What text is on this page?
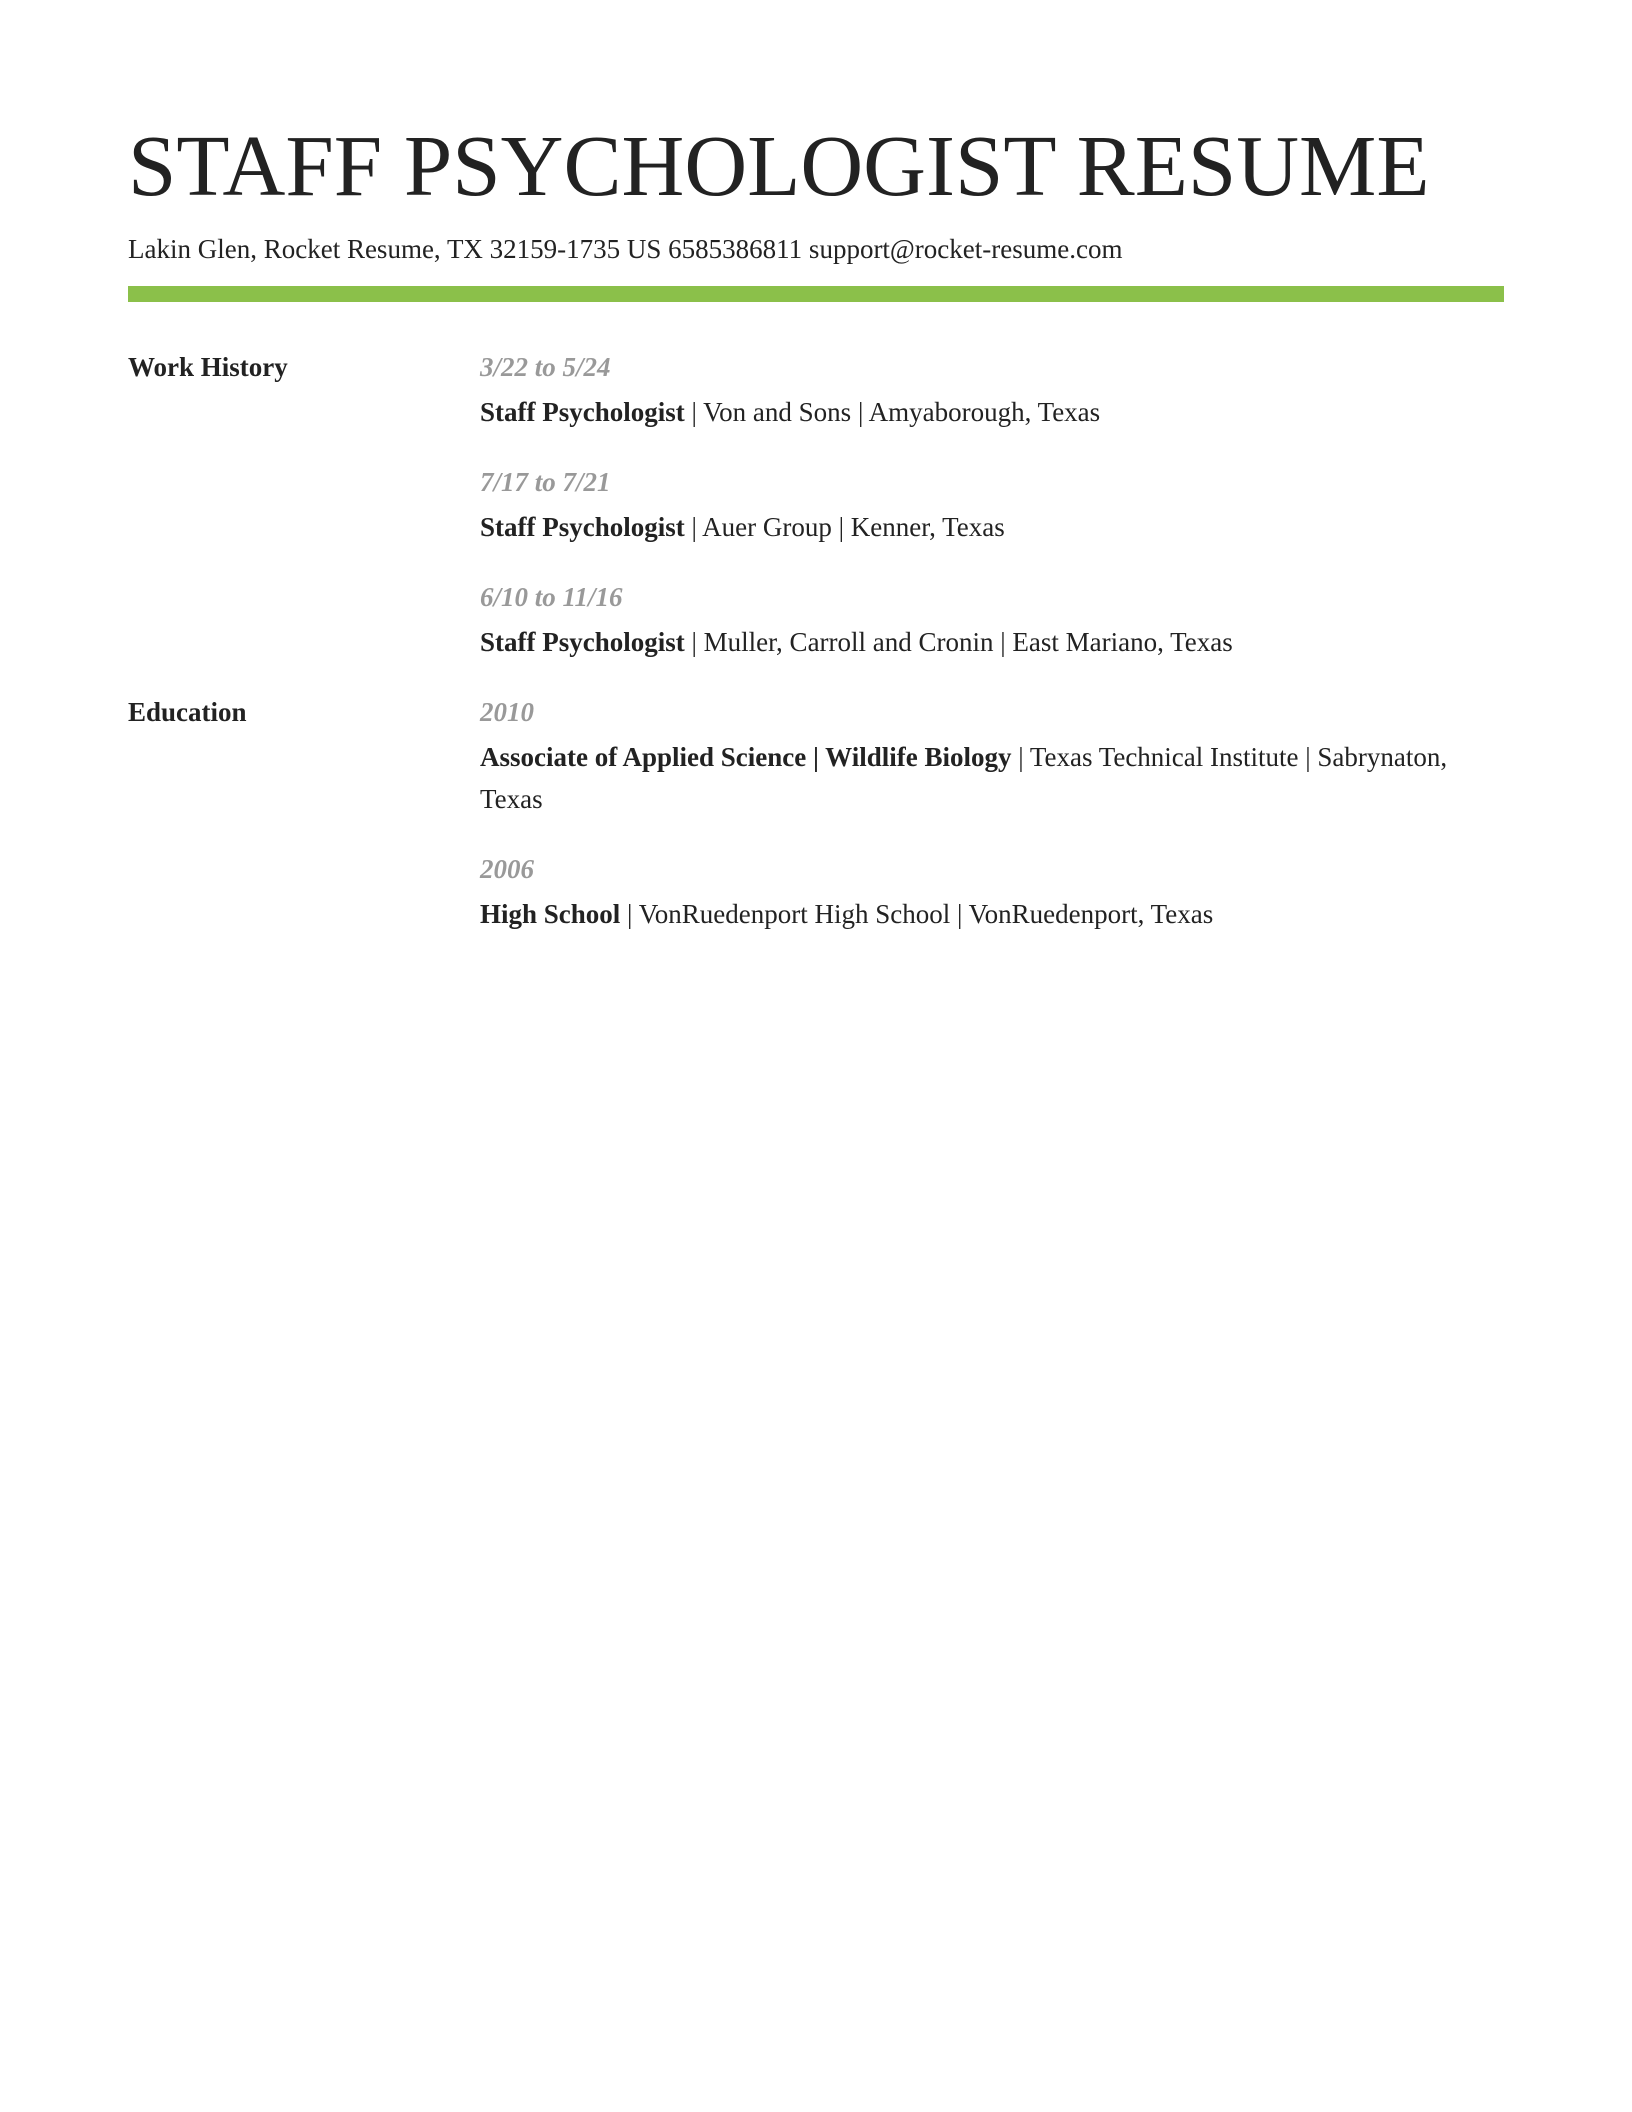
STAFF PSYCHOLOGIST RESUME
Lakin Glen, Rocket Resume, TX 32159-1735 US 6585386811 support@rocket-resume.com
Work History	3/22 to 5/24
Staff Psychologist | Von and Sons | Amyaborough, Texas
7/17 to 7/21
Staff Psychologist | Auer Group | Kenner, Texas
6/10 to 11/16
Staff Psychologist | Muller, Carroll and Cronin | East Mariano, Texas
Education	2010
Associate of Applied Science | Wildlife Biology | Texas Technical Institute | Sabrynaton, Texas
2006
High School | VonRuedenport High School | VonRuedenport, Texas
